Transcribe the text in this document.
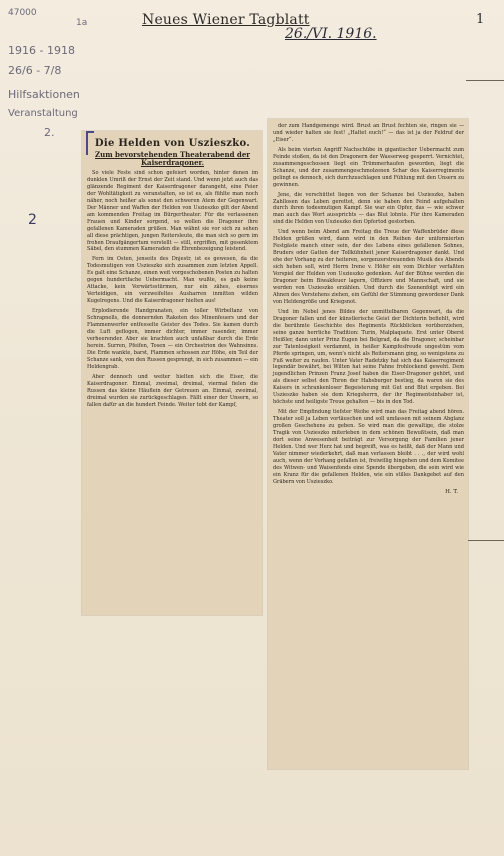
47000
1916 - 1918
26/6 - 7/8
1a
Hilfsaktionen
Veranstaltung
2.
2
Neues Wiener Tagblatt
26./VI. 1916.
1
Die Helden von Uszieszko.
Zum bevorstehenden Theaterabend der Kaiserdragoner.

So viele Feste sind schon gefeiert worden, hinter denen im dunklen Umriß der Ernst der Zeit stand. Und wenn jetzt auch das glänzende Regiment der Kaiserdragoner darangeht, eine Feier der Wohltätigkeit zu veranstalten, so ist es, als fühlte man noch näher, noch heißer als sonst den schweren Atem der Gegenwart. Der Männer und Waffen der Helden von Uszieszko gilt der Abend am kommenden Freitag im Bürgertheater. Für die verlassenen Frauen und Kinder sorgend, so wollen die Dragoner ihre gefallenen Kameraden grüßen. Man wähnt sie vor sich zu sehen all diese prächtigen, jungen Reitersleute, die man sich so gern im frohen Draufgängertum vorstellt — still, ergriffen, mit gesenktem Säbel, den stummen Kameraden die Ehrenbezeigung leistend.

Fern im Osten, jenseits des Dnjestr, ist es gewesen, da die Todesmutigen von Uszieszko sich zusammen zum letzten Appell. Es galt eine Schanze, einen weit vorgeschobenen Posten zu halten gegen hundertfache Uebermacht. Man wußte, es gab keine Attacke, kein Vorwärtsstürmen, nur ein zähes, eisernes Verteidigen, ein verzweifeltes Ausharren inmitten wilden Kugelregens. Und die Kaiserdragoner hielten aus!

Erplodierende Handgranaten, ein toller Wirbeltanz von Schrapnells, die donnernden Raketen des Minenfeuers und der Flammenwerfer entfesselte Geister des Todes. Sie kamen durch die Luft geflogen, immer dichter, immer rasender, immer verheerender. Aber sie krachten auch unfaßbar durch die Erde herein. Surren, Pfeifen, Tosen — ein Orchestrion des Wahnsinns. Die Erde wankte, barst, Flammen schossen zur Höhe, ein Teil der Schanze sank, von den Russen gesprengt, in sich zusammen — ein Heldengrab.

Aber dennoch und weiter hielten sich die Eiser, die Kaiserdragoner. Einmal, zweimal, dreimal, viermal fielen die Russen das kleine Häuflein der Getreuen an. Einmal, zweimal, dreimal wurden sie zurückgeschlagen. Fällt einer der Unsern, so fallen dafür an die hundert Feinde. Weiter tobt der Kampf,

der zum Handgemenge wird. Brust an Brust fechten sie, ringen sie — und wieder halten sie fest! „Haltet euch!“ — das ist ja der Feldruf der „Eiser“.

Als beim vierten Angriff Nachschübe in gigantischer Uebermacht zum Feinde stoßen, da ist den Dragonern der Wasserweg gesperrt. Vernichtet, zusammengeschossen liegt ein Trümmerhaufen geworden, liegt die Schanze, und der zusammengeschmolzenen Schar des Kaiserregiments gelingt es dennoch, sich durchzuschlagen und Fühlung mit den Unsern zu gewinnen.

Jene, die verschüttet liegen von der Schanze bei Uszieszko, haben Zahllosen das Leben gerettet, denn sie haben den Feind aufgehalten durch ihren todesmutigen Kampf. Sie war ein Opfer, das — wie schwer man auch das Wort aussprichts — das Blut lohnte. Für ihre Kameraden sind die Helden von Uszieszko den Opfertod gestorben.

Und wenn beim Abend am Freitag die Treue der Waffenbrüder diese Helden grüßen wird, dann wird in den Reihen der uniformierten Festgäste manch einer sein, der des Lebens eines gefallenen Sohnes, Bruders oder Gatten der Tollkühnheit jener Kaiserdragoner dankt. Und ehe der Vorhang zu der heiteren, sorgenzerstreuenden Musik des Abends sich heben soll, wird Herrn Irene v. Höfer ein vom Dichter verfaßten Vorspiel der Helden von Uszieszko gedenken. Auf der Bühne werden die Dragoner beim Biwakfeuer lagern, Offiziere und Mannschaft, und sie werden von Uszieszko erzählen. Und durch die Szenenfolgt wird ein Ahnen des Verstehens ziehen, ein Gefühl der Stimmung gewordener Dank von Heldengröße und Kriegsnot.

Und im Nebel jenes Bildes der unmittelbaren Gegenwart, da die Dragoner fallen und der künstlerische Geist der Dichterin befiehlt, wird die berühmte Geschichte des Regiments Rückblicken vorüberziehen, seine ganze herrliche Tradition: Turin, Malplaquete. Erst unter Oberst Heißler, dann unter Prinz Eugen bei Belgrad, da die Dragoner, scheinbar zur Tatenlosigkeit verdammt, in heißer Kampfesfreude ungestüm vom Pferde springen, um, wenn's nicht als Reitersmann ging, so wenigstens zu Fuß weiter zu raufen. Unter Vater Radetzky hat sich das Kaiserregiment legendär bewährt, bei Wilten hat seine Fahne frohlockend geweht. Dem jugendlichen Prinzen Franz Josef haben die Eiser-Dragoner gehört, und als dieser selbst den Thron der Habsburger bestieg, da waren sie des Kaisers in schrankenloser Begeisterung mit Gut und Blut ergeben. Bei Uszieszko haben sie dem Kriegsherrn, der ihr Regimentsinhaber ist, höchste und heiligste Treue gehalten — bis in den Tod.

Mit der Empfindung tiefster Weihe wird man das Freitag abend hören. Theater soll ja Leben vortäuschen und soll umfassen mit seinem Abglanz großen Geschehens zu geben. So wird man die gewaltige, die stolze Tragik von Uszieszko miterleben in dem schönen Bewußtsein, daß man dort seine Anwesenheit beiträgt zur Versorgung der Familien jener Helden. Und wer Herz hat und begreift, was es heißt, daß der Mann und Vater nimmer wiederkehrt, daß man verlassen bleibt . . ., der wird wohl auch, wenn der Vorhang gefallen ist, freiwillig hingehen und dem Komitee des Witwen- und Waisenfonds eine Spende übergeben, die sein wird wie ein Kranz für die gefallenen Helden, wie ein stilles Dankgebet auf den Gräbern von Uszieszko.

H. T.
